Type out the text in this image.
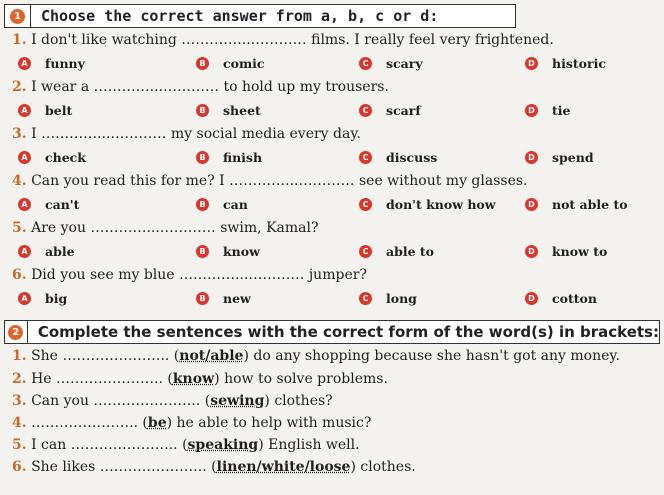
1	Choose the correct answer from a, b, c or d:
1. I don't like watching …………...………… films. I really feel very frightened.
A funny	B comic	C scary	D historic
2. I wear a …………...………… to hold up my trousers.
A belt	B sheet	C scarf	D tie
3. I …………...………… my social media every day.
A check	B finish	C discuss	D spend
4. Can you read this for me? I …………...………… see without my glasses.
A can't	B can	C don't know how	D not able to
5. Are you …………...………… swim, Kamal?
A able	B know	C able to	D know to
6. Did you see my blue …………...………… jumper?
A big	B new	C long	D cotton
2	Complete the sentences with the correct form of the word(s) in brackets:
1. She ………………….. (not/able) do any shopping because she hasn't got any money.
2. He ………………….. (know) how to solve problems.
3. Can you ………………….. (sewing) clothes?
4. ………………….. (be) he able to help with music?
5. I can ………………….. (speaking) English well.
6. She likes ………………….. (linen/white/loose) clothes.
